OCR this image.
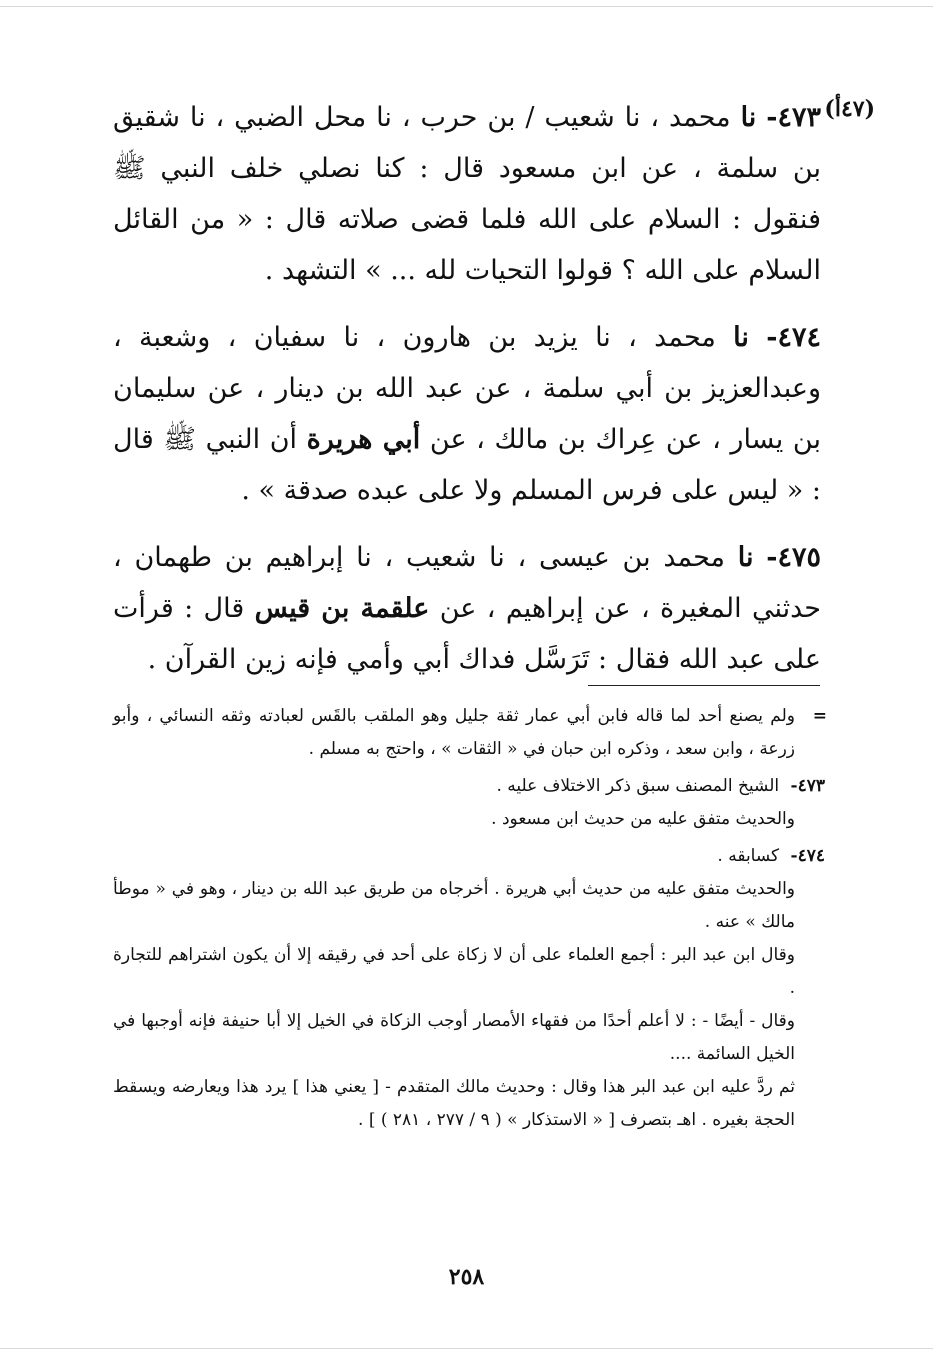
(٤٧أ)

٤٧٣- نا محمد ، نا شعيب / بن حرب ، نا محل الضبي ، نا شقيق بن سلمة ، عن ابن مسعود قال : كنا نصلي خلف النبي ﷺ فنقول : السلام على الله فلما قضى صلاته قال : « من القائل السلام على الله ؟ قولوا التحيات لله ... » التشهد .

٤٧٤- نا محمد ، نا يزيد بن هارون ، نا سفيان ، وشعبة ، وعبدالعزيز بن أبي سلمة ، عن عبد الله بن دينار ، عن سليمان بن يسار ، عن عِراك بن مالك ، عن أبي هريرة أن النبي ﷺ قال : « ليس على فرس المسلم ولا على عبده صدقة » .

٤٧٥- نا محمد بن عيسى ، نا شعيب ، نا إبراهيم بن طهمان ، حدثني المغيرة ، عن إبراهيم ، عن علقمة بن قيس قال : قرأت على عبد الله فقال : تَرَسَّل فداك أبي وأمي فإنه زين القرآن .

=
ولم يصنع أحد لما قاله فابن أبي عمار ثقة جليل وهو الملقب بالقَس لعبادته وثقه النسائي ، وأبو زرعة ، وابن سعد ، وذكره ابن حبان في « الثقات » ، واحتج به مسلم .
٤٧٣- الشيخ المصنف سبق ذكر الاختلاف عليه .
والحديث متفق عليه من حديث ابن مسعود .
٤٧٤- كسابقه .
والحديث متفق عليه من حديث أبي هريرة . أخرجاه من طريق عبد الله بن دينار ، وهو في « موطأ مالك » عنه .
وقال ابن عبد البر : أجمع العلماء على أن لا زكاة على أحد في رقيقه إلا أن يكون اشتراهم للتجارة .
وقال - أيضًا - : لا أعلم أحدًا من فقهاء الأمصار أوجب الزكاة في الخيل إلا أبا حنيفة فإنه أوجبها في الخيل السائمة ....
ثم ردَّ عليه ابن عبد البر هذا وقال : وحديث مالك المتقدم - [ يعني هذا ] يرد هذا ويعارضه ويسقط الحجة بغيره . اهـ بتصرف [ « الاستذكار » ( ٩ / ٢٧٧ ، ٢٨١ ) ] .
٢٥٨
